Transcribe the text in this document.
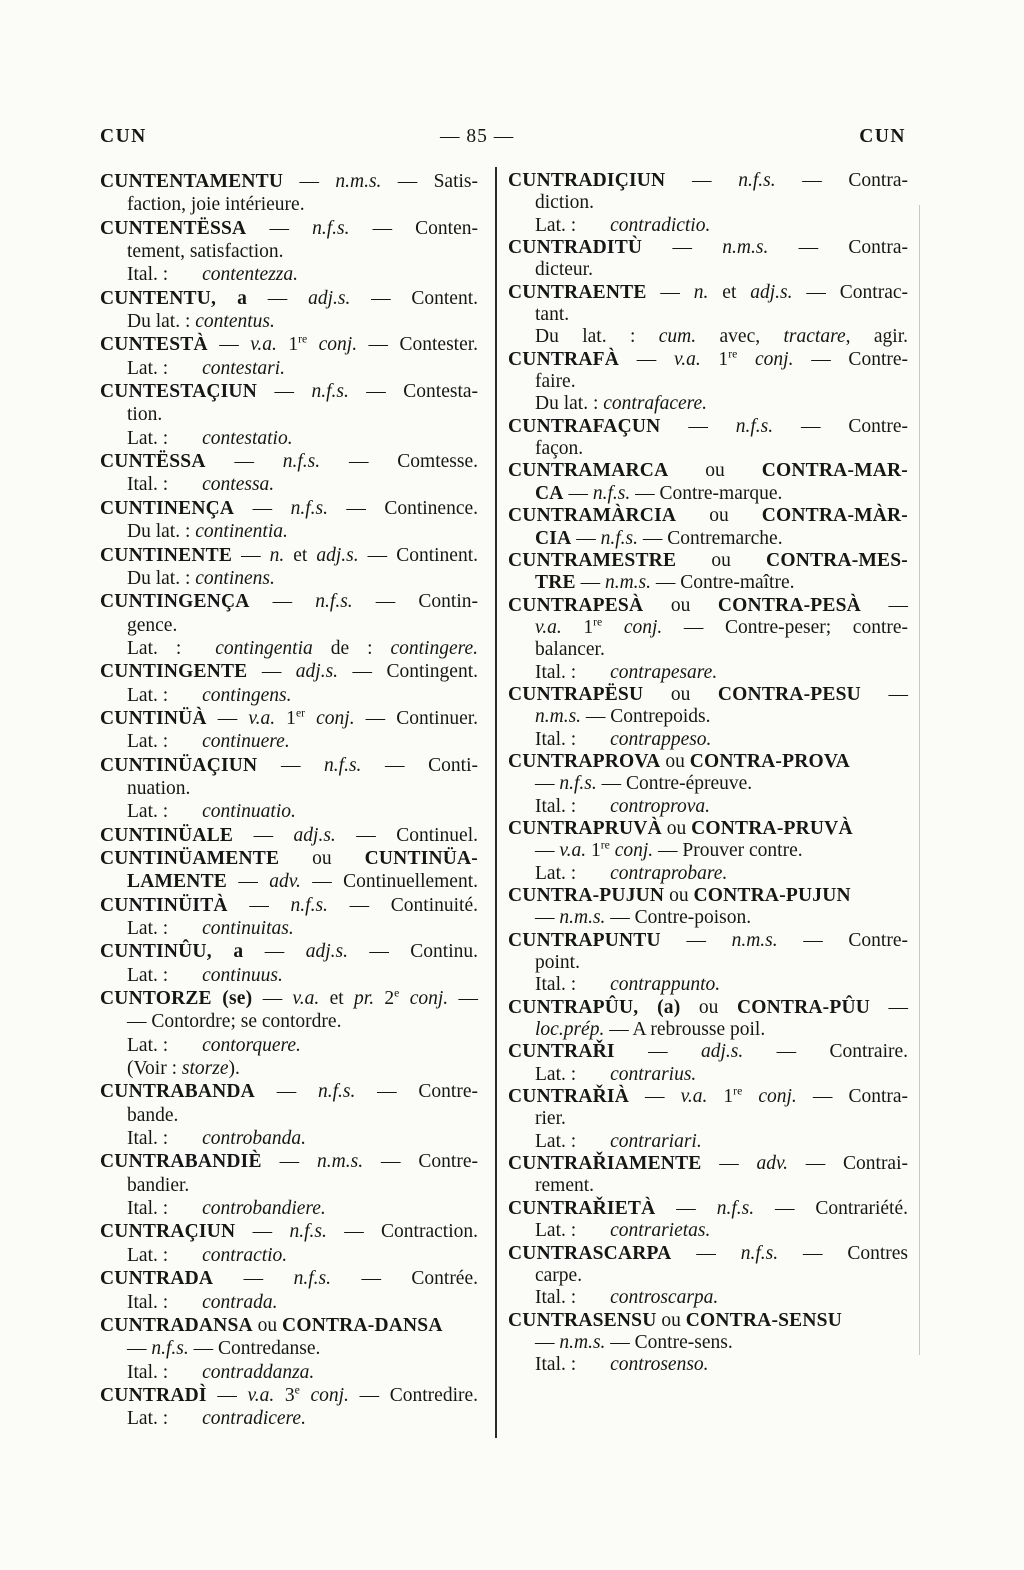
CUN	— 85 —	CUN
CUNTENTAMENTU — n.m.s. — Satis-
faction, joie intérieure.
CUNTENTËSSA — n.f.s. — Conten-
tement, satisfaction.
Ital. : contentezza.
CUNTENTU, a — adj.s. — Content.
Du lat. : contentus.
CUNTESTÀ — v.a. 1re conj. — Contester.
Lat. : contestari.
CUNTESTAÇIUN — n.f.s. — Contesta-
tion.
Lat. : contestatio.
CUNTËSSA — n.f.s. — Comtesse.
Ital. : contessa.
CUNTINENÇA — n.f.s. — Continence.
Du lat. : continentia.
CUNTINENTE — n. et adj.s. — Continent.
Du lat. : continens.
CUNTINGENÇA — n.f.s. — Contin-
gence.
Lat. : contingentia de : contingere.
CUNTINGENTE — adj.s. — Contingent.
Lat. : contingens.
CUNTINÜÀ — v.a. 1er conj. — Continuer.
Lat. : continuere.
CUNTINÜAÇIUN — n.f.s. — Conti-
nuation.
Lat. : continuatio.
CUNTINÜALE — adj.s. — Continuel.
CUNTINÜAMENTE ou CUNTINÜA-
LAMENTE — adv. — Continuellement.
CUNTINÜITÀ — n.f.s. — Continuité.
Lat. : continuitas.
CUNTINÛU, a — adj.s. — Continu.
Lat. : continuus.
CUNTORZE (se) — v.a. et pr. 2e conj. —
— Contordre; se contordre.
Lat. : contorquere.
(Voir : storze).
CUNTRABANDA — n.f.s. — Contre-
bande.
Ital. : controbanda.
CUNTRABANDIÈ — n.m.s. — Contre-
bandier.
Ital. : controbandiere.
CUNTRAÇIUN — n.f.s. — Contraction.
Lat. : contractio.
CUNTRADA — n.f.s. — Contrée.
Ital. : contrada.
CUNTRADANSA ou CONTRA-DANSA
— n.f.s. — Contredanse.
Ital. : contraddanza.
CUNTRADÌ — v.a. 3e conj. — Contredire.
Lat. : contradicere.
CUNTRADIÇIUN — n.f.s. — Contra-
diction.
Lat. : contradictio.
CUNTRADITÙ — n.m.s. — Contra-
dicteur.
CUNTRAENTE — n. et adj.s. — Contrac-
tant.
Du lat. : cum. avec, tractare, agir.
CUNTRAFÀ — v.a. 1re conj. — Contre-
faire.
Du lat. : contrafacere.
CUNTRAFAÇUN — n.f.s. — Contre-
façon.
CUNTRAMARCA ou CONTRA-MAR-
CA — n.f.s. — Contre-marque.
CUNTRAMÀRCIA ou CONTRA-MÀR-
CIA — n.f.s. — Contremarche.
CUNTRAMESTRE ou CONTRA-MES-
TRE — n.m.s. — Contre-maître.
CUNTRAPESÀ ou CONTRA-PESÀ —
v.a. 1re conj. — Contre-peser; contre-
balancer.
Ital. : contrapesare.
CUNTRAPËSU ou CONTRA-PESU —
n.m.s. — Contrepoids.
Ital. : contrappeso.
CUNTRAPROVA ou CONTRA-PROVA
— n.f.s. — Contre-épreuve.
Ital. : controprova.
CUNTRAPRUVÀ ou CONTRA-PRUVÀ
— v.a. 1re conj. — Prouver contre.
Lat. : contraprobare.
CUNTRA-PUJUN ou CONTRA-PUJUN
— n.m.s. — Contre-poison.
CUNTRAPUNTU — n.m.s. — Contre-
point.
Ital. : contrappunto.
CUNTRAPÛU, (a) ou CONTRA-PÛU —
loc.prép. — A rebrousse poil.
CUNTRAŘI — adj.s. — Contraire.
Lat. : contrarius.
CUNTRAŘIÀ — v.a. 1re conj. — Contra-
rier.
Lat. : contrariari.
CUNTRAŘIAMENTE — adv. — Contrai-
rement.
CUNTRAŘIETÀ — n.f.s. — Contrariété.
Lat. : contrarietas.
CUNTRASCARPA — n.f.s. — Contres
carpe.
Ital. : controscarpa.
CUNTRASENSU ou CONTRA-SENSU
— n.m.s. — Contre-sens.
Ital. : controsenso.
